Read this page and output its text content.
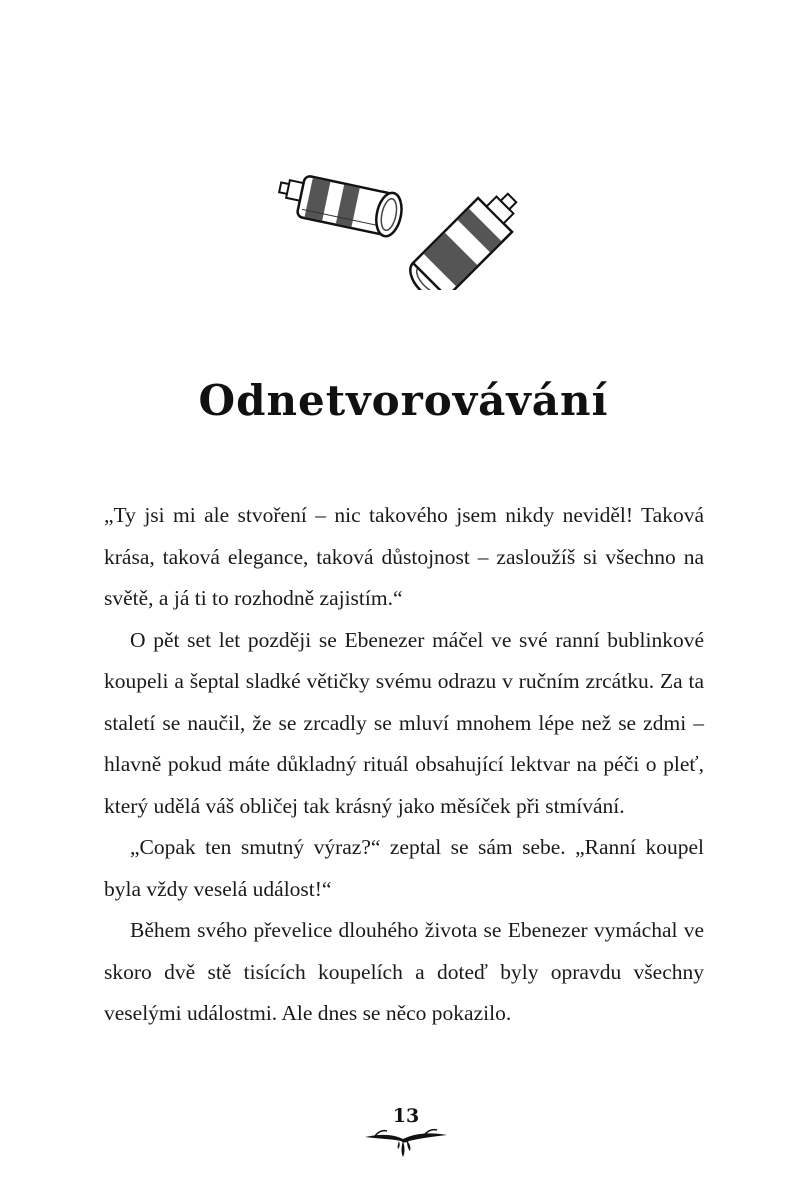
Odnetvorovávání

„Ty jsi mi ale stvoření – nic takového jsem nikdy neviděl! Taková krása, taková elegance, taková důstojnost – zasloužíš si všechno na světě, a já ti to rozhodně zajistím.“

O pět set let později se Ebenezer máčel ve své ranní bublinkové koupeli a šeptal sladké větičky svému odrazu v ručním zrcátku. Za ta staletí se naučil, že se zrcadly se mluví mnohem lépe než se zdmi – hlavně pokud máte důkladný rituál obsahující lektvar na péči o pleť, který udělá váš obličej tak krásný jako měsíček při stmívání.

„Copak ten smutný výraz?“ zeptal se sám sebe. „Ranní koupel byla vždy veselá událost!“

Během svého převelice dlouhého života se Ebenezer vymáchal ve skoro dvě stě tisících koupelích a doteď byly opravdu všechny veselými událostmi. Ale dnes se něco pokazilo.

13
